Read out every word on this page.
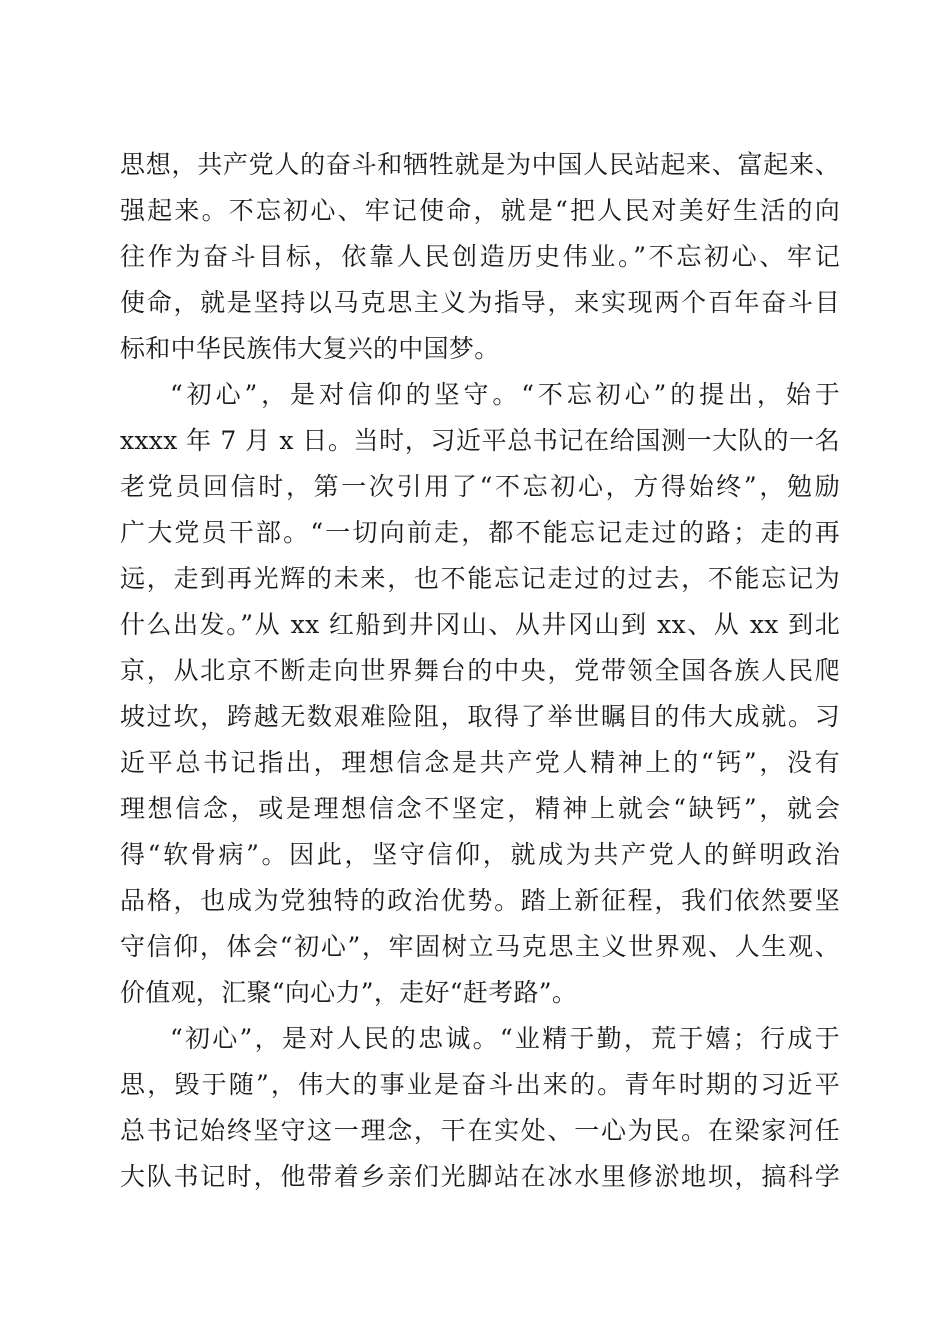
思想，共产党人的奋斗和牺牲就是为中国人民站起来、富起来、
强起来。不忘初心、牢记使命，就是“把人民对美好生活的向
往作为奋斗目标，依靠人民创造历史伟业。”不忘初心、牢记
使命，就是坚持以马克思主义为指导，来实现两个百年奋斗目
标和中华民族伟大复兴的中国梦。
“初心”，是对信仰的坚守。“不忘初心”的提出，始于
xxxx 年 7 月 x 日。当时，习近平总书记在给国测一大队的一名
老党员回信时，第一次引用了“不忘初心，方得始终”，勉励
广大党员干部。“一切向前走，都不能忘记走过的路；走的再
远，走到再光辉的未来，也不能忘记走过的过去，不能忘记为
什么出发。”从 xx 红船到井冈山、从井冈山到 xx、从 xx 到北
京，从北京不断走向世界舞台的中央，党带领全国各族人民爬
坡过坎，跨越无数艰难险阻，取得了举世瞩目的伟大成就。习
近平总书记指出，理想信念是共产党人精神上的“钙”，没有
理想信念，或是理想信念不坚定，精神上就会“缺钙”，就会
得“软骨病”。因此，坚守信仰，就成为共产党人的鲜明政治
品格，也成为党独特的政治优势。踏上新征程，我们依然要坚
守信仰，体会“初心”，牢固树立马克思主义世界观、人生观、
价值观，汇聚“向心力”，走好“赶考路”。
“初心”，是对人民的忠诚。“业精于勤，荒于嬉；行成于
思，毁于随”，伟大的事业是奋斗出来的。青年时期的习近平
总书记始终坚守这一理念，干在实处、一心为民。在梁家河任
大队书记时，他带着乡亲们光脚站在冰水里修淤地坝，搞科学
